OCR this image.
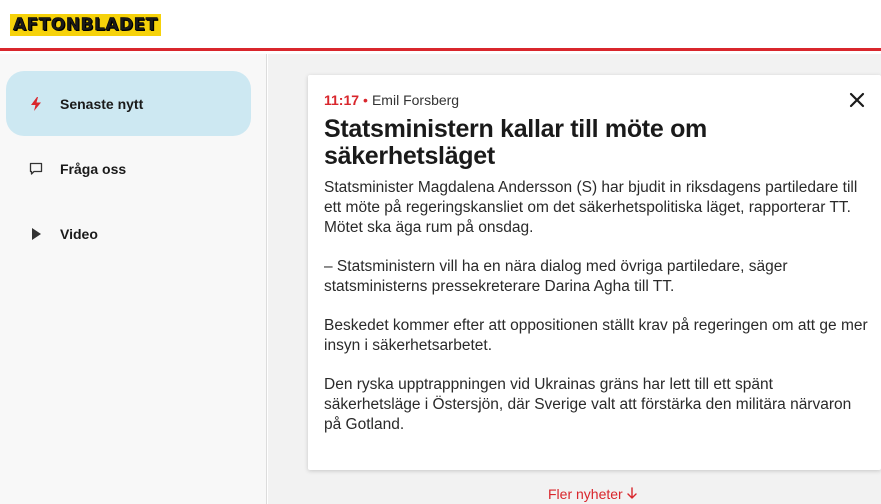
AFTONBLADET
Senaste nytt
Fråga oss
Video
11:17 • Emil Forsberg
Statsministern kallar till möte om säkerhetsläget

Statsminister Magdalena Andersson (S) har bjudit in riksdagens partiledare till ett möte på regeringskansliet om det säkerhetspolitiska läget, rapporterar TT. Mötet ska äga rum på onsdag.

– Statsministern vill ha en nära dialog med övriga partiledare, säger statsministerns pressekreterare Darina Agha till TT.

Beskedet kommer efter att oppositionen ställt krav på regeringen om att ge mer insyn i säkerhetsarbetet.

Den ryska upptrappningen vid Ukrainas gräns har lett till ett spänt säkerhetsläge i Östersjön, där Sverige valt att förstärka den militära närvaron på Gotland.

Fler nyheter
